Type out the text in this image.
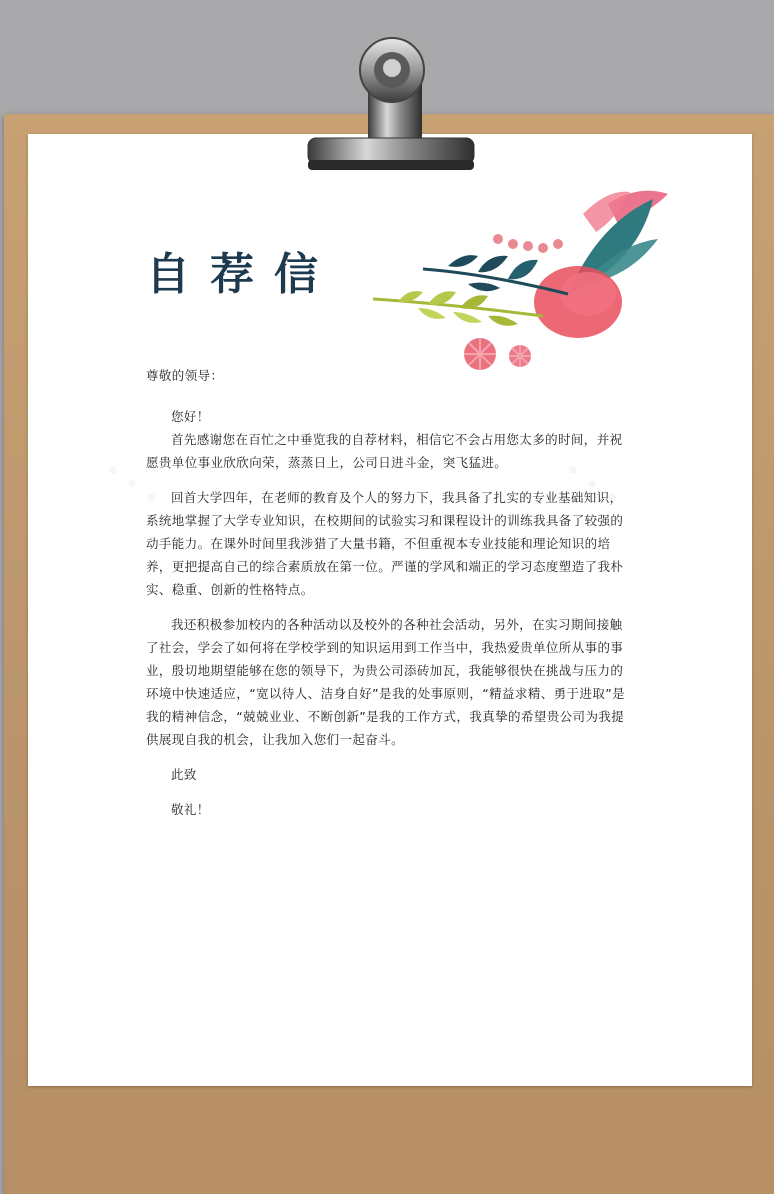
自荐信

尊敬的领导：

您好！

首先感谢您在百忙之中垂览我的自荐材料，相信它不会占用您太多的时间，并祝愿贵单位事业欣欣向荣，蒸蒸日上，公司日进斗金，突飞猛进。

回首大学四年，在老师的教育及个人的努力下，我具备了扎实的专业基础知识，系统地掌握了大学专业知识，在校期间的试验实习和课程设计的训练我具备了较强的动手能力。在课外时间里我涉猎了大量书籍，不但重视本专业技能和理论知识的培养，更把提高自己的综合素质放在第一位。严谨的学风和端正的学习态度塑造了我朴实、稳重、创新的性格特点。

我还积极参加校内的各种活动以及校外的各种社会活动，另外，在实习期间接触了社会，学会了如何将在学校学到的知识运用到工作当中，我热爱贵单位所从事的事业，殷切地期望能够在您的领导下，为贵公司添砖加瓦，我能够很快在挑战与压力的环境中快速适应，“宽以待人、洁身自好”是我的处事原则，“精益求精、勇于进取”是我的精神信念，“兢兢业业、不断创新”是我的工作方式，我真挚的希望贵公司为我提供展现自我的机会，让我加入您们一起奋斗。

此致

敬礼！
